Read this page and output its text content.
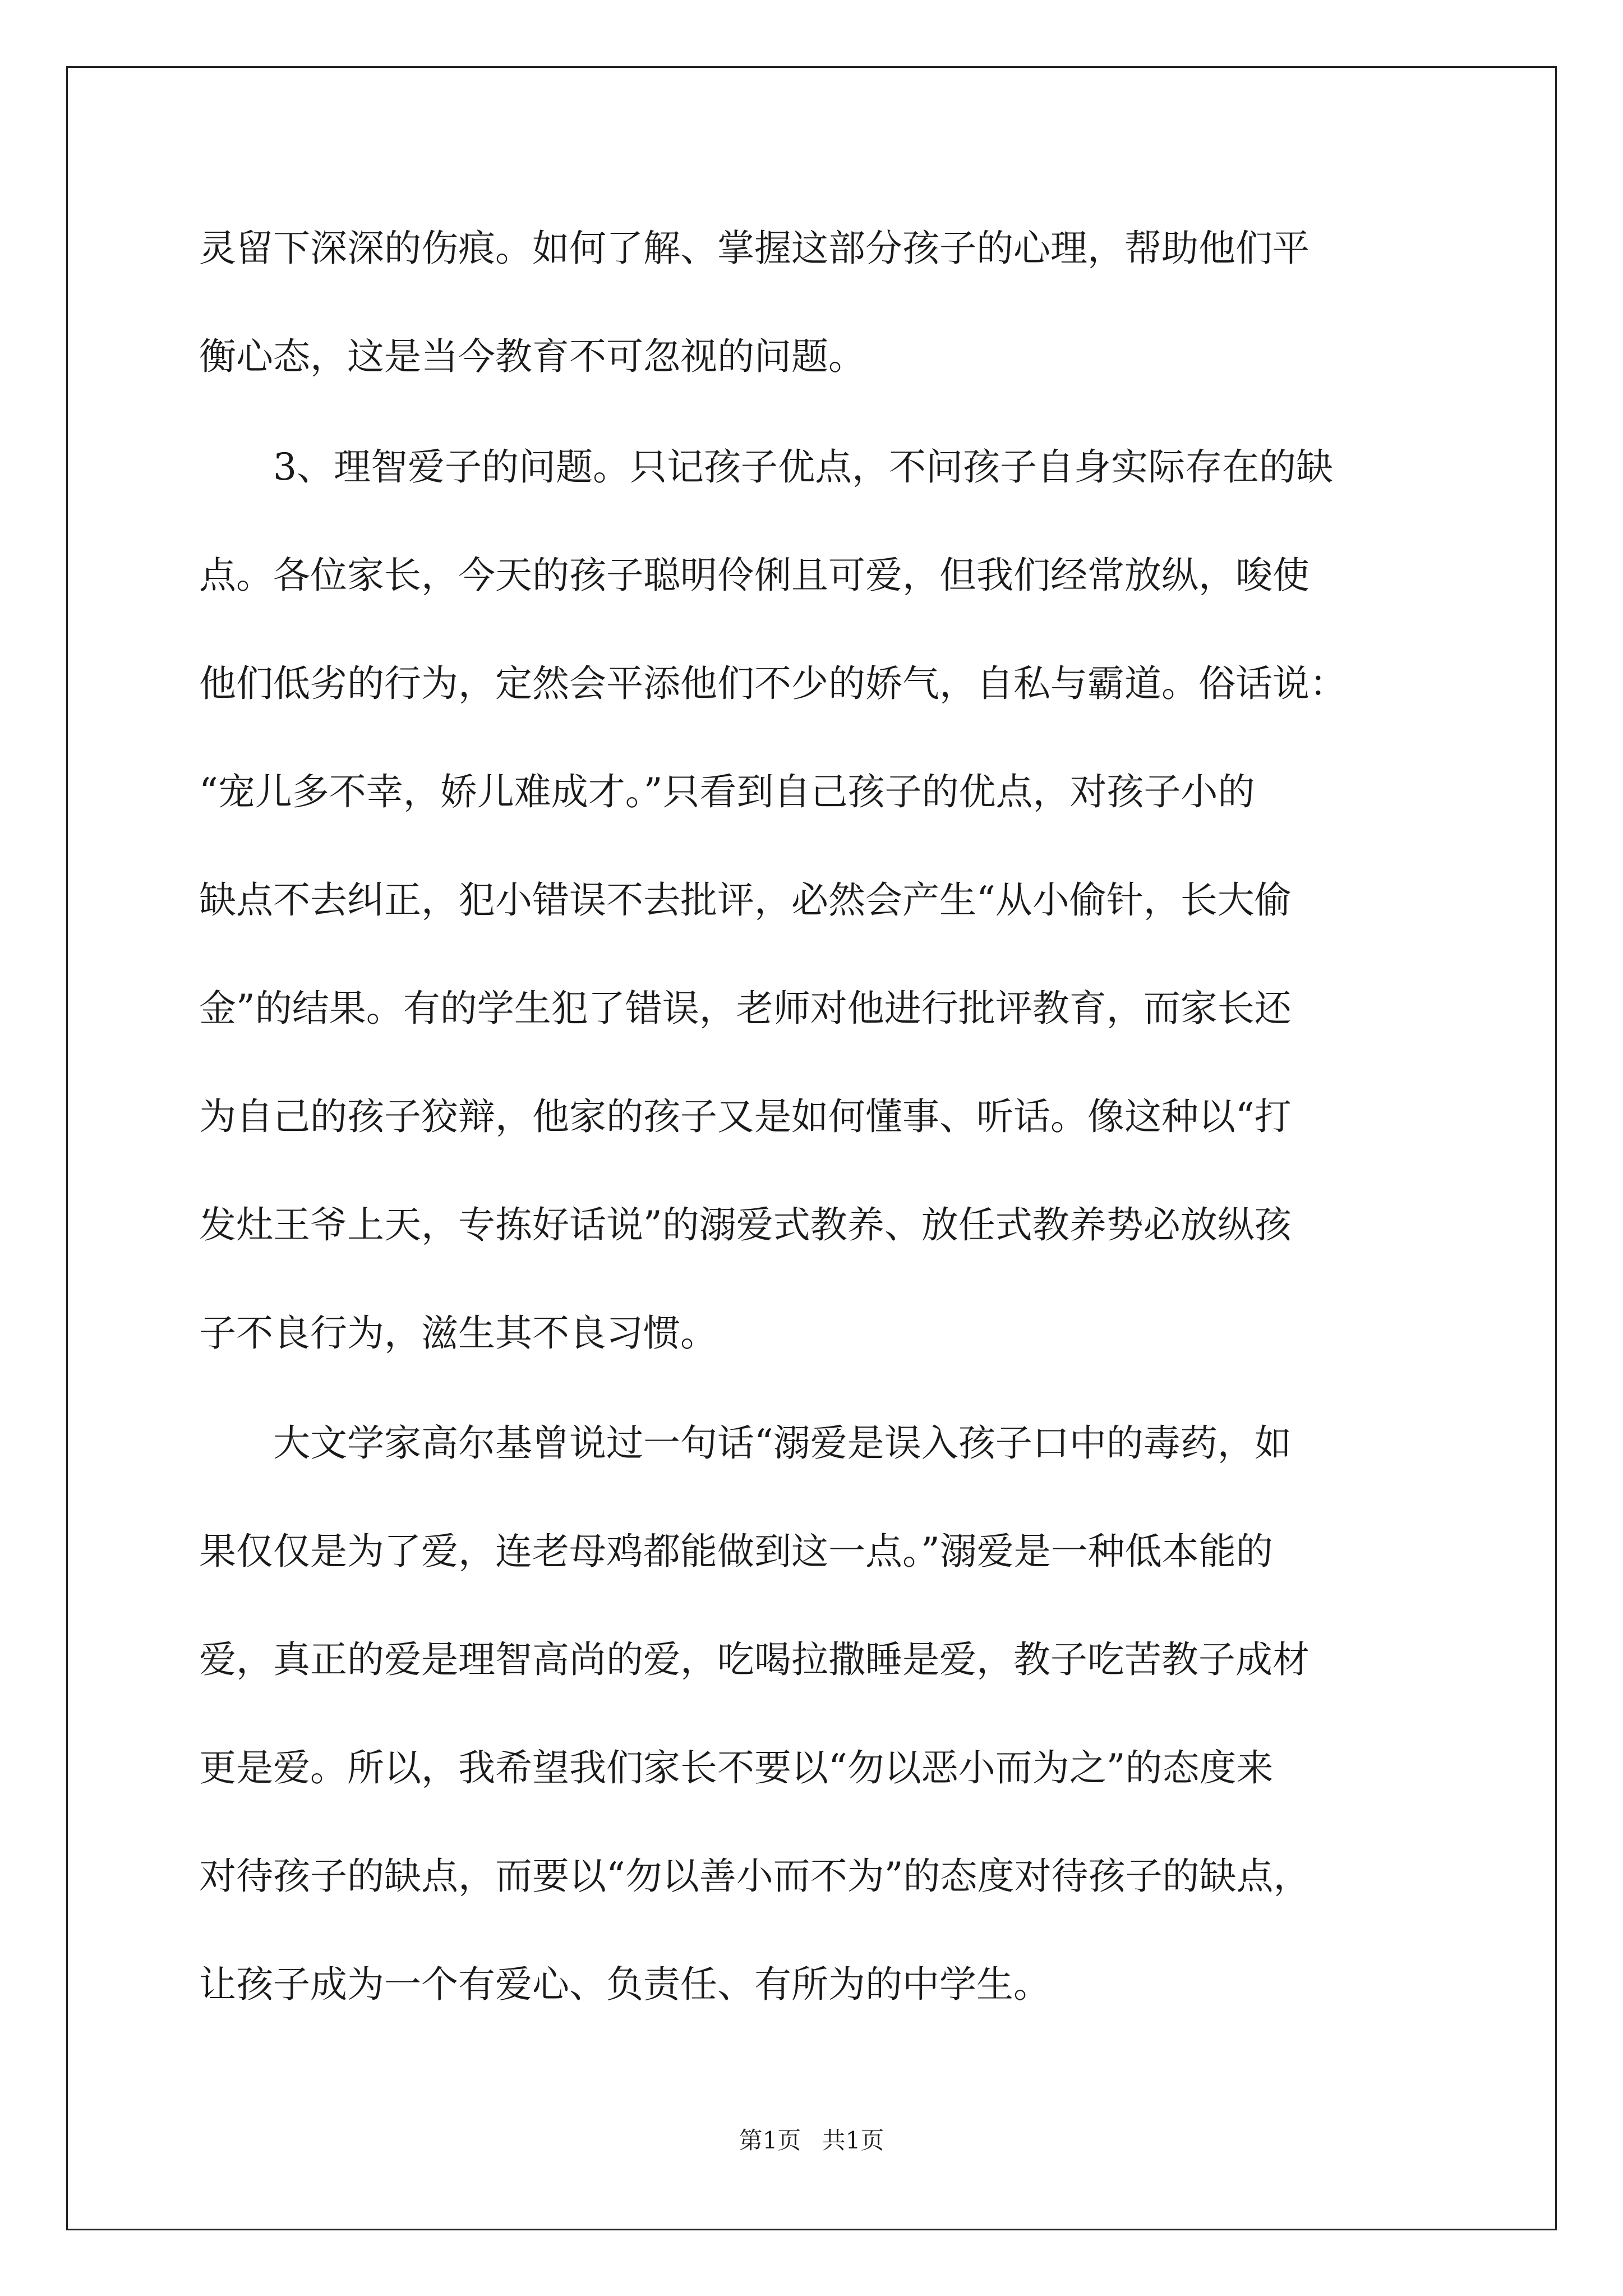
灵留下深深的伤痕。如何了解、掌握这部分孩子的心理，帮助他们平
衡心态，这是当今教育不可忽视的问题。
　　3、理智爱子的问题。只记孩子优点，不问孩子自身实际存在的缺
点。各位家长，今天的孩子聪明伶俐且可爱，但我们经常放纵，唆使
他们低劣的行为，定然会平添他们不少的娇气，自私与霸道。俗话说：
“宠儿多不幸，娇儿难成才。”只看到自己孩子的优点，对孩子小的
缺点不去纠正，犯小错误不去批评，必然会产生“从小偷针，长大偷
金”的结果。有的学生犯了错误，老师对他进行批评教育，而家长还
为自己的孩子狡辩，他家的孩子又是如何懂事、听话。像这种以“打
发灶王爷上天，专拣好话说”的溺爱式教养、放任式教养势必放纵孩
子不良行为，滋生其不良习惯。
　　大文学家高尔基曾说过一句话“溺爱是误入孩子口中的毒药，如
果仅仅是为了爱，连老母鸡都能做到这一点。”溺爱是一种低本能的
爱，真正的爱是理智高尚的爱，吃喝拉撒睡是爱，教子吃苦教子成材
更是爱。所以，我希望我们家长不要以“勿以恶小而为之”的态度来
对待孩子的缺点，而要以“勿以善小而不为”的态度对待孩子的缺点，
让孩子成为一个有爱心、负责任、有所为的中学生。
第1页 共1页
